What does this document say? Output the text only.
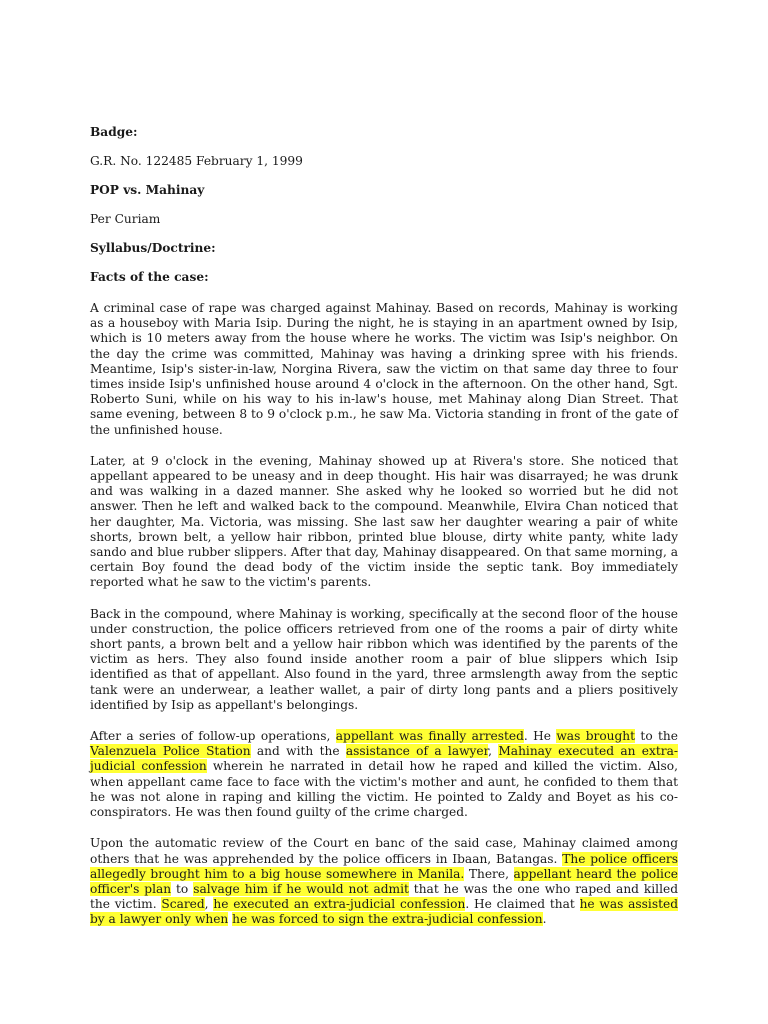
Badge:
G.R. No. 122485 February 1, 1999
POP vs. Mahinay
Per Curiam
Syllabus/Doctrine:
Facts of the case:

A criminal case of rape was charged against Mahinay. Based on records, Mahinay is working as a houseboy with Maria Isip. During the night, he is staying in an apartment owned by Isip, which is 10 meters away from the house where he works. The victim was Isip's neighbor. On the day the crime was committed, Mahinay was having a drinking spree with his friends. Meantime, Isip's sister-in-law, Norgina Rivera, saw the victim on that same day three to four times inside Isip's unfinished house around 4 o'clock in the afternoon. On the other hand, Sgt. Roberto Suni, while on his way to his in-law's house, met Mahinay along Dian Street. That same evening, between 8 to 9 o'clock p.m., he saw Ma. Victoria standing in front of the gate of the unfinished house.

Later, at 9 o'clock in the evening, Mahinay showed up at Rivera's store. She noticed that appellant appeared to be uneasy and in deep thought. His hair was disarrayed; he was drunk and was walking in a dazed manner. She asked why he looked so worried but he did not answer. Then he left and walked back to the compound. Meanwhile, Elvira Chan noticed that her daughter, Ma. Victoria, was missing. She last saw her daughter wearing a pair of white shorts, brown belt, a yellow hair ribbon, printed blue blouse, dirty white panty, white lady sando and blue rubber slippers. After that day, Mahinay disappeared. On that same morning, a certain Boy found the dead body of the victim inside the septic tank. Boy immediately reported what he saw to the victim's parents.

Back in the compound, where Mahinay is working, specifically at the second floor of the house under construction, the police officers retrieved from one of the rooms a pair of dirty white short pants, a brown belt and a yellow hair ribbon which was identified by the parents of the victim as hers. They also found inside another room a pair of blue slippers which Isip identified as that of appellant. Also found in the yard, three armslength away from the septic tank were an underwear, a leather wallet, a pair of dirty long pants and a pliers positively identified by Isip as appellant's belongings.

After a series of follow-up operations, appellant was finally arrested. He was brought to the Valenzuela Police Station and with the assistance of a lawyer, Mahinay executed an extra-judicial confession wherein he narrated in detail how he raped and killed the victim. Also, when appellant came face to face with the victim's mother and aunt, he confided to them that he was not alone in raping and killing the victim. He pointed to Zaldy and Boyet as his co-conspirators. He was then found guilty of the crime charged.

Upon the automatic review of the Court en banc of the said case, Mahinay claimed among others that he was apprehended by the police officers in Ibaan, Batangas. The police officers allegedly brought him to a big house somewhere in Manila. There, appellant heard the police officer's plan to salvage him if he would not admit that he was the one who raped and killed the victim. Scared, he executed an extra-judicial confession. He claimed that he was assisted by a lawyer only when he was forced to sign the extra-judicial confession.
